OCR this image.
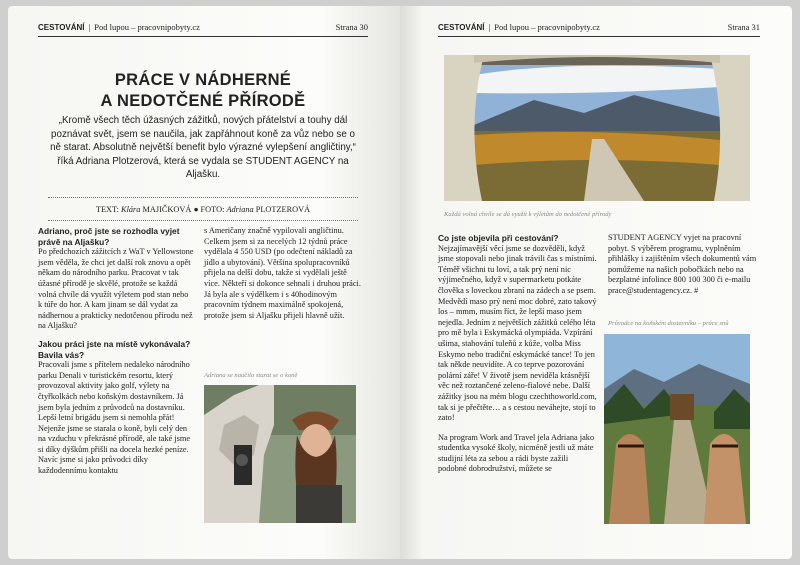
CESTOVÁNÍ | Pod lupou – pracovnipobyty.cz	Strana 30
PRÁCE V NÁDHERNÉ
A NEDOTČENÉ PŘÍRODĚ
„Kromě všech těch úžasných zážitků, nových přátelství a touhy dál poznávat svět, jsem se naučila, jak zapřáhnout koně za vůz nebo se o ně starat. Absolutně největší benefit bylo výrazné vylepšení angličtiny,“ říká Adriana Plotzerová, která se vydala se STUDENT AGENCY na Aljašku.
TEXT: Klára MAJIČKOVÁ ● FOTO: Adriana PLOTZEROVÁ

Adriano, proč jste se rozhodla vyjet právě na Aljašku?

Po předchozích zážitcích z WaT v Yellowstone jsem věděla, že chci jet další rok znovu a opět někam do národního parku. Pracovat v tak úžasné přírodě je skvělé, protože se každá volná chvíle dá využít výletem pod stan nebo k túře do hor. A kam jinam se dál vydat za nádhernou a prakticky nedotčenou přírodu než na Aljašku?

Jakou práci jste na místě vykonávala? Bavila vás?

Pracovali jsme s přítelem nedaleko národního parku Denali v turistickém resortu, který provozoval aktivity jako golf, výlety na čtyřkolkách nebo koňským dostavníkem. Já jsem byla jedním z průvodců na dostavníku. Lepší letní brigádu jsem si nemohla přát! Nejenže jsme se starala o koně, byli celý den na vzduchu v překrásné přírodě, ale také jsme si díky dýškům přišli na docela hezké peníze. Navíc jsme si jako průvodci díky každodennímu kontaktu

s Američany značně vypilovali angličtinu. Celkem jsem si za necelých 12 týdnů práce vydělala 4 550 USD (po odečtení nákladů za jídlo a ubytování). Většina spolupracovníků přijela na delší dobu, takže si vydělali ještě více. Někteří si dokonce sehnali i druhou práci. Já byla ale s výdělkem i s 40hodinovým pracovním týdnem maximálně spokojená, protože jsem si Aljašku přijeli hlavně užít.

Adriana se naučila starat se o koně
CESTOVÁNÍ | Pod lupou – pracovnipobyty.cz	Strana 31
Každá volná chvíle se dá využít k výletům do nedotčené přírody

Co jste objevila při cestování?

Nejzajímavější věcí jsme se dozvěděli, když jsme stopovali nebo jinak trávili čas s místními. Téměř všichni tu loví, a tak prý není nic výjimečného, když v supermarketu potkáte člověka s loveckou zbraní na zádech a se psem. Medvědí maso prý není moc dobré, zato takový los – mmm, musím říct, že lepší maso jsem nejedla. Jedním z největších zážitků celého léta pro mě byla i Eskymácká olympiáda. Vzpírání ušima, stahování tuleňů z kůže, volba Miss Eskymo nebo tradiční eskymácké tance! To jen tak někde neuvidíte. A co teprve pozorování polární záře! V životě jsem neviděla krásnější věc než roztančené zeleno-fialové nebe. Další zážitky jsou na mém blogu czechthoworld.com, tak si je přečtěte… a s cestou neváhejte, stojí to zato!

Na program Work and Travel jela Adriana jako studentka vysoké školy, nicméně jestli už máte studijní léta za sebou a rádi byste zažili podobné dobrodružství, můžete se

STUDENT AGENCY vyjet na pracovní pobyt. S výběrem programu, vyplněním přihlášky i zajištěním všech dokumentů vám pomůžeme na našich pobočkách nebo na bezplatné infolince 800 100 300 či e-mailu prace@studentagency.cz. #

Průvodce na koňském dostavníku – práce snů
